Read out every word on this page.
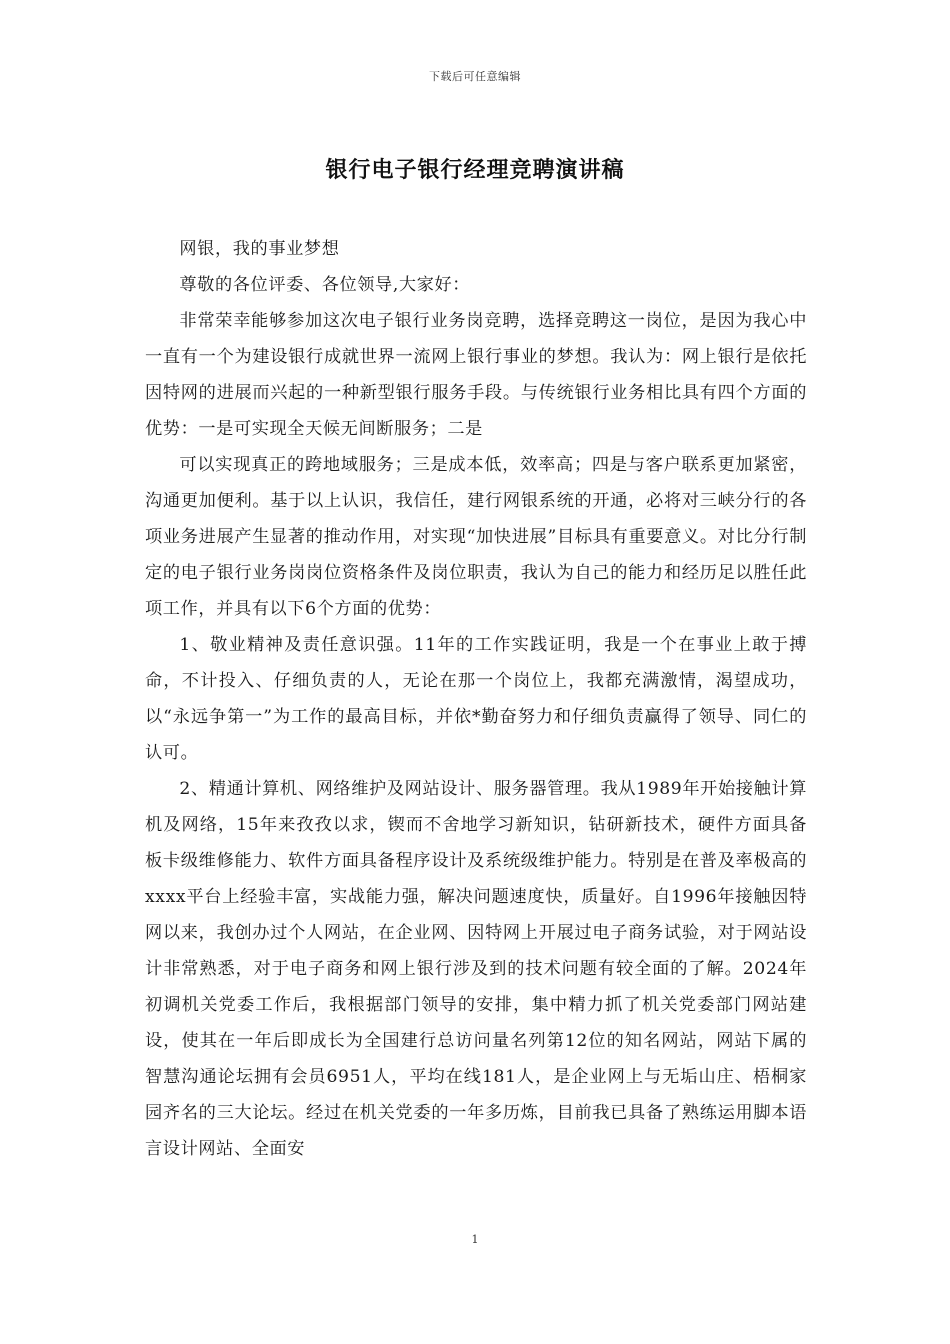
下载后可任意编辑
银行电子银行经理竞聘演讲稿

网银，我的事业梦想

尊敬的各位评委、各位领导,大家好：

非常荣幸能够参加这次电子银行业务岗竞聘，选择竞聘这一岗位，是因为我心中一直有一个为建设银行成就世界一流网上银行事业的梦想。我认为：网上银行是依托因特网的进展而兴起的一种新型银行服务手段。与传统银行业务相比具有四个方面的优势：一是可实现全天候无间断服务；二是

可以实现真正的跨地域服务；三是成本低，效率高；四是与客户联系更加紧密，沟通更加便利。基于以上认识，我信任，建行网银系统的开通，必将对三峡分行的各项业务进展产生显著的推动作用，对实现“加快进展”目标具有重要意义。对比分行制定的电子银行业务岗岗位资格条件及岗位职责，我认为自己的能力和经历足以胜任此项工作，并具有以下6个方面的优势：

1、敬业精神及责任意识强。11年的工作实践证明，我是一个在事业上敢于搏命，不计投入、仔细负责的人，无论在那一个岗位上，我都充满激情，渴望成功，以“永远争第一”为工作的最高目标，并依*勤奋努力和仔细负责赢得了领导、同仁的认可。

2、精通计算机、网络维护及网站设计、服务器管理。我从1989年开始接触计算机及网络，15年来孜孜以求，锲而不舍地学习新知识，钻研新技术，硬件方面具备板卡级维修能力、软件方面具备程序设计及系统级维护能力。特别是在普及率极高的xxxx平台上经验丰富，实战能力强，解决问题速度快，质量好。自1996年接触因特网以来，我创办过个人网站，在企业网、因特网上开展过电子商务试验，对于网站设计非常熟悉，对于电子商务和网上银行涉及到的技术问题有较全面的了解。2024年初调机关党委工作后，我根据部门领导的安排，集中精力抓了机关党委部门网站建设，使其在一年后即成长为全国建行总访问量名列第12位的知名网站，网站下属的智慧沟通论坛拥有会员6951人，平均在线181人，是企业网上与无垢山庄、梧桐家园齐名的三大论坛。经过在机关党委的一年多历炼，目前我已具备了熟练运用脚本语言设计网站、全面安

1
